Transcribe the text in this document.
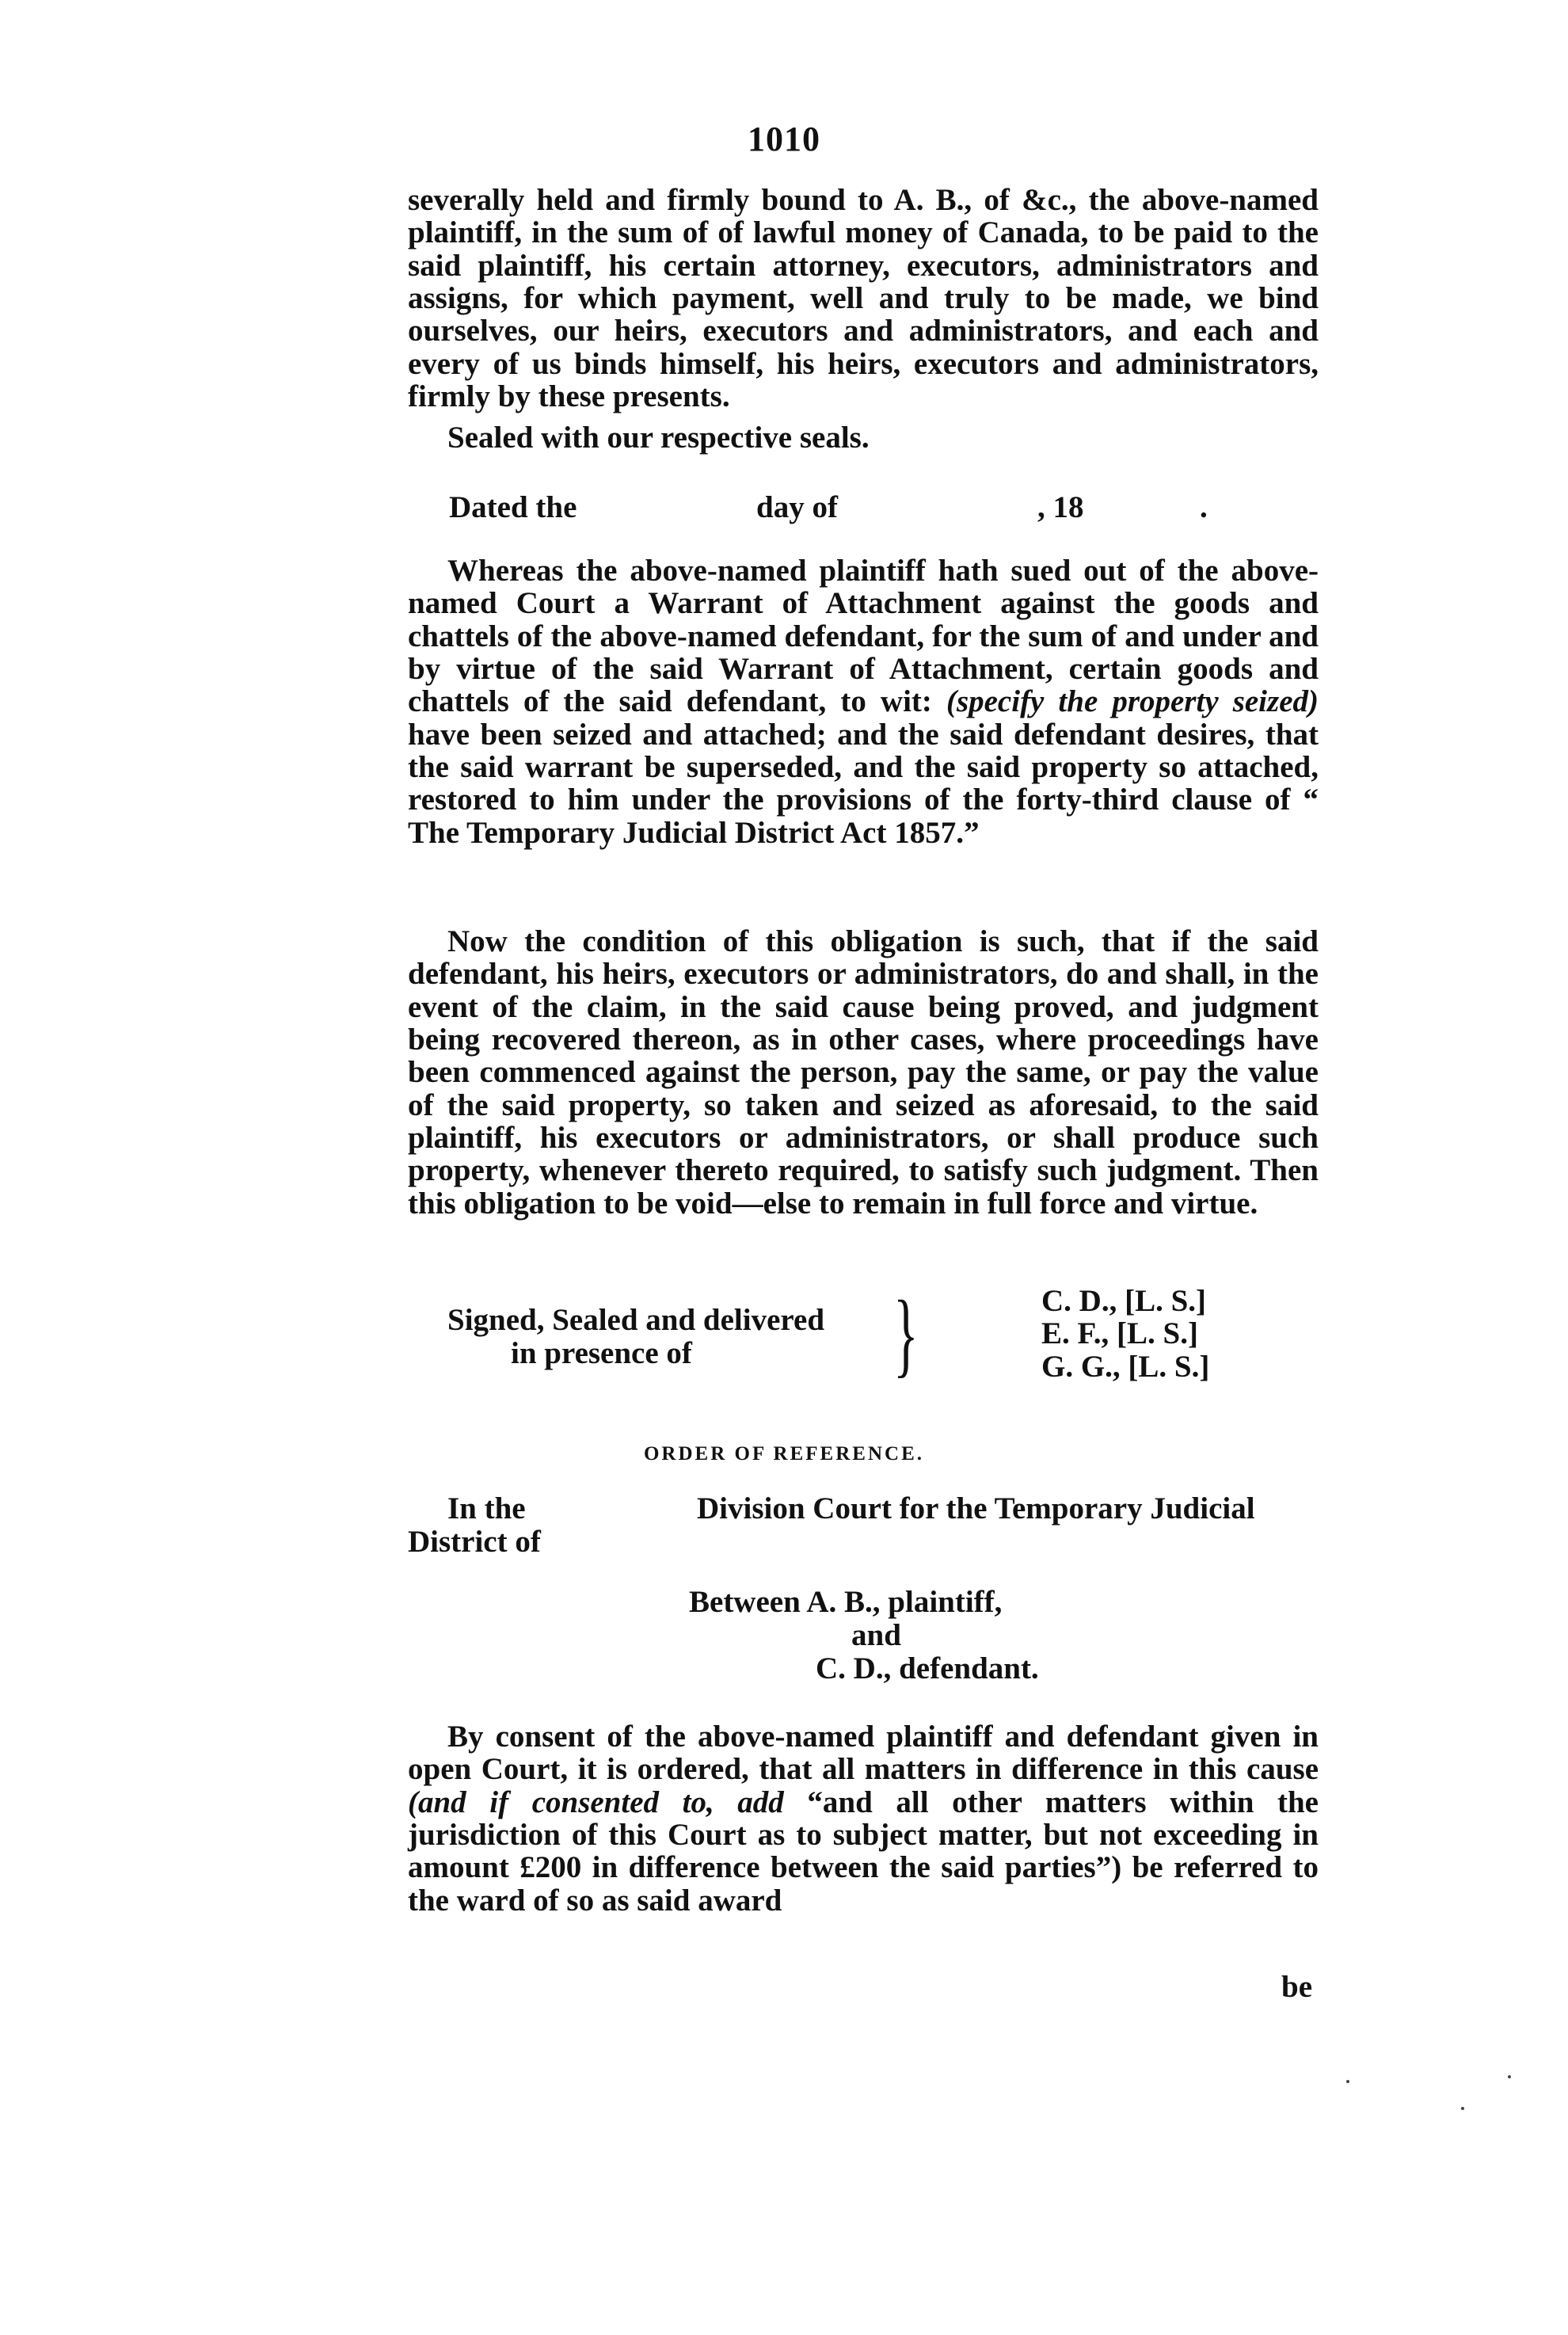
1010
severally held and firmly bound to A. B., of &c., the above-named plaintiff, in the sum of of lawful money of Canada, to be paid to the said plaintiff, his certain attorney, executors, administrators and assigns, for which payment, well and truly to be made, we bind ourselves, our heirs, executors and administrators, and each and every of us binds himself, his heirs, executors and administrators, firmly by these presents.
Sealed with our respective seals.
Dated the	day of	, 18	.
Whereas the above-named plaintiff hath sued out of the above-named Court a Warrant of Attachment against the goods and chattels of the above-named defendant, for the sum of and under and by virtue of the said Warrant of Attachment, certain goods and chattels of the said defendant, to wit: (specify the property seized) have been seized and attached; and the said defendant desires, that the said warrant be superseded, and the said property so attached, restored to him under the provisions of the forty-third clause of “ The Temporary Judicial District Act 1857.”
Now the condition of this obligation is such, that if the said defendant, his heirs, executors or administrators, do and shall, in the event of the claim, in the said cause being proved, and judgment being recovered thereon, as in other cases, where proceedings have been commenced against the person, pay the same, or pay the value of the said property, so taken and seized as aforesaid, to the said plaintiff, his executors or administrators, or shall produce such property, whenever thereto required, to satisfy such judgment. Then this obligation to be void—else to remain in full force and virtue.
Signed, Sealed and delivered
in presence of }	C. D., [L. S.]
E. F., [L. S.]
G. G., [L. S.]
ORDER OF REFERENCE.
In the	Division Court for the Temporary Judicial
District of
Between A. B., plaintiff,
and
C. D., defendant.
By consent of the above-named plaintiff and defendant given in open Court, it is ordered, that all matters in difference in this cause (and if consented to, add “and all other matters within the jurisdiction of this Court as to subject matter, but not exceeding in amount £200 in difference between the said parties”) be referred to the ward of so as said award
be
